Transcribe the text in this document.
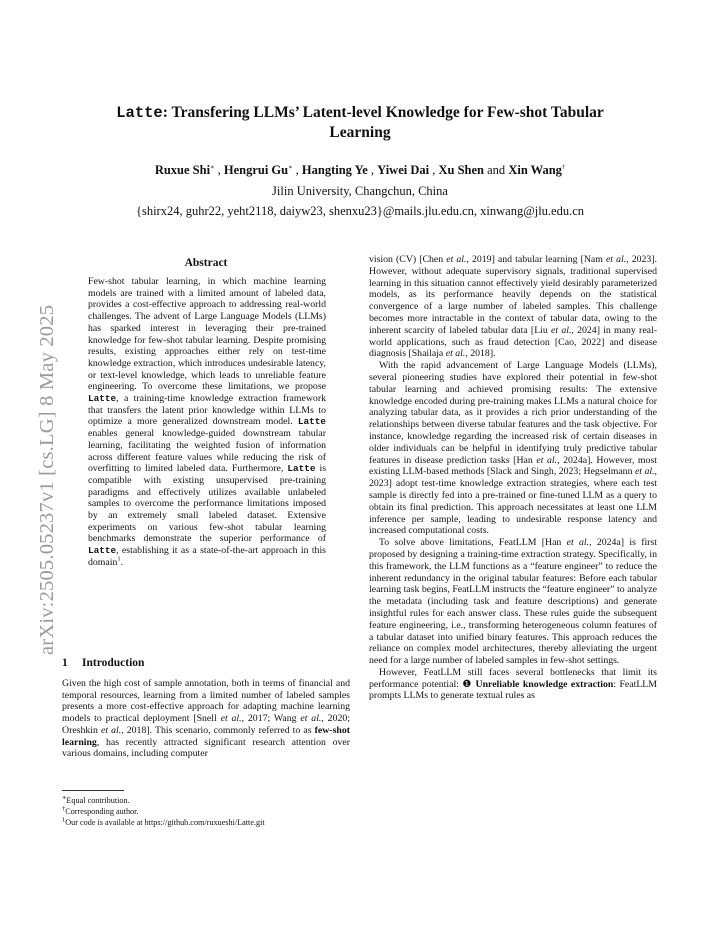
arXiv:2505.05237v1 [cs.LG] 8 May 2025
Latte: Transfering LLMs’ Latent-level Knowledge for Few-shot Tabular Learning
Ruxue Shi∗ , Hengrui Gu∗ , Hangting Ye , Yiwei Dai , Xu Shen and Xin Wang†
Jilin University, Changchun, China
{shirx24, guhr22, yeht2118, daiyw23, shenxu23}@mails.jlu.edu.cn, xinwang@jlu.edu.cn
Abstract
Few-shot tabular learning, in which machine learning models are trained with a limited amount of labeled data, provides a cost-effective approach to addressing real-world challenges. The advent of Large Language Models (LLMs) has sparked interest in leveraging their pre-trained knowledge for few-shot tabular learning. Despite promising results, existing approaches either rely on test-time knowledge extraction, which introduces undesirable latency, or text-level knowledge, which leads to unreliable feature engineering. To overcome these limitations, we propose Latte, a training-time knowledge extraction framework that transfers the latent prior knowledge within LLMs to optimize a more generalized downstream model. Latte enables general knowledge-guided downstream tabular learning, facilitating the weighted fusion of information across different feature values while reducing the risk of overfitting to limited labeled data. Furthermore, Latte is compatible with existing unsupervised pre-training paradigms and effectively utilizes available unlabeled samples to overcome the performance limitations imposed by an extremely small labeled dataset. Extensive experiments on various few-shot tabular learning benchmarks demonstrate the superior performance of Latte, establishing it as a state-of-the-art approach in this domain$^1$.
1 Introduction
Given the high cost of sample annotation, both in terms of financial and temporal resources, learning from a limited number of labeled samples presents a more cost-effective approach for adapting machine learning models to practical deployment [Snell et al., 2017; Wang et al., 2020; Oreshkin et al., 2018]. This scenario, commonly referred to as few-shot learning, has recently attracted significant research attention over various domains, including computer
∗Equal contribution.
†Corresponding author.
$^1$Our code is available at https://github.com/ruxueshi/Latte.git

vision (CV) [Chen et al., 2019] and tabular learning [Nam et al., 2023]. However, without adequate supervisory signals, traditional supervised learning in this situation cannot effectively yield desirably parameterized models, as its performance heavily depends on the statistical convergence of a large number of labeled samples. This challenge becomes more intractable in the context of tabular data, owing to the inherent scarcity of labeled tabular data [Liu et al., 2024] in many real-world applications, such as fraud detection [Cao, 2022] and disease diagnosis [Shailaja et al., 2018].

With the rapid advancement of Large Language Models (LLMs), several pioneering studies have explored their potential in few-shot tabular learning and achieved promising results: The extensive knowledge encoded during pre-training makes LLMs a natural choice for analyzing tabular data, as it provides a rich prior understanding of the relationships between diverse tabular features and the task objective. For instance, knowledge regarding the increased risk of certain diseases in older individuals can be helpful in identifying truly predictive tabular features in disease prediction tasks [Han et al., 2024a]. However, most existing LLM-based methods [Slack and Singh, 2023; Hegselmann et al., 2023] adopt test-time knowledge extraction strategies, where each test sample is directly fed into a pre-trained or fine-tuned LLM as a query to obtain its final prediction. This approach necessitates at least one LLM inference per sample, leading to undesirable response latency and increased computational costs.

To solve above limitations, FeatLLM [Han et al., 2024a] is first proposed by designing a training-time extraction strategy. Specifically, in this framework, the LLM functions as a “feature engineer” to reduce the inherent redundancy in the original tabular features: Before each tabular learning task begins, FeatLLM instructs the “feature engineer” to analyze the metadata (including task and feature descriptions) and generate insightful rules for each answer class. These rules guide the subsequent feature engineering, i.e., transforming heterogeneous column features of a tabular dataset into unified binary features. This approach reduces the reliance on complex model architectures, thereby alleviating the urgent need for a large number of labeled samples in few-shot settings.

However, FeatLLM still faces several bottlenecks that limit its performance potential: ❶ Unreliable knowledge extraction: FeatLLM prompts LLMs to generate textual rules as
